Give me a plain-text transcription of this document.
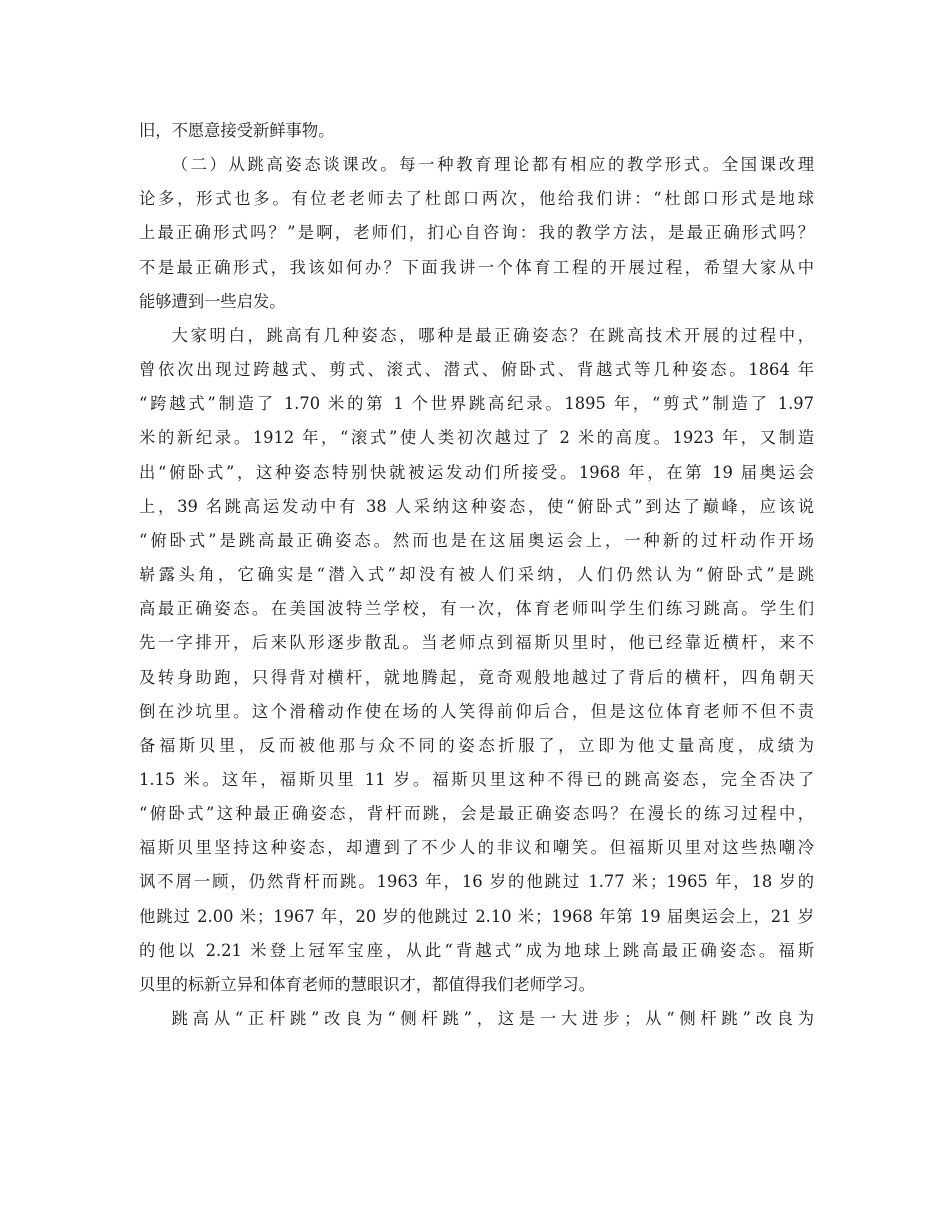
旧，不愿意接受新鲜事物。
（二）从跳高姿态谈课改。每一种教育理论都有相应的教学形式。全国课改理
论多，形式也多。有位老老师去了杜郎口两次，他给我们讲：“杜郎口形式是地球
上最正确形式吗？”是啊，老师们，扪心自咨询：我的教学方法，是最正确形式吗？
不是最正确形式，我该如何办？下面我讲一个体育工程的开展过程，希望大家从中
能够遭到一些启发。
大家明白，跳高有几种姿态，哪种是最正确姿态？在跳高技术开展的过程中，
曾依次出现过跨越式、剪式、滚式、潜式、俯卧式、背越式等几种姿态。1864 年
“跨越式”制造了 1.70 米的第 1 个世界跳高纪录。1895 年，“剪式”制造了 1.97
米的新纪录。1912 年，“滚式”使人类初次越过了 2 米的高度。1923 年，又制造
出“俯卧式”，这种姿态特别快就被运发动们所接受。1968 年，在第 19 届奥运会
上，39 名跳高运发动中有 38 人采纳这种姿态，使“俯卧式”到达了巅峰，应该说
“俯卧式”是跳高最正确姿态。然而也是在这届奥运会上，一种新的过杆动作开场
崭露头角，它确实是“潜入式”却没有被人们采纳，人们仍然认为“俯卧式”是跳
高最正确姿态。在美国波特兰学校，有一次，体育老师叫学生们练习跳高。学生们
先一字排开，后来队形逐步散乱。当老师点到福斯贝里时，他已经靠近横杆，来不
及转身助跑，只得背对横杆，就地腾起，竟奇观般地越过了背后的横杆，四角朝天
倒在沙坑里。这个滑稽动作使在场的人笑得前仰后合，但是这位体育老师不但不责
备福斯贝里，反而被他那与众不同的姿态折服了，立即为他丈量高度，成绩为
1.15 米。这年，福斯贝里 11 岁。福斯贝里这种不得已的跳高姿态，完全否决了
“俯卧式”这种最正确姿态，背杆而跳，会是最正确姿态吗？在漫长的练习过程中，
福斯贝里坚持这种姿态，却遭到了不少人的非议和嘲笑。但福斯贝里对这些热嘲冷
讽不屑一顾，仍然背杆而跳。1963 年，16 岁的他跳过 1.77 米；1965 年，18 岁的
他跳过 2.00 米；1967 年，20 岁的他跳过 2.10 米；1968 年第 19 届奥运会上，21 岁
的他以 2.21 米登上冠军宝座，从此“背越式”成为地球上跳高最正确姿态。福斯
贝里的标新立异和体育老师的慧眼识才，都值得我们老师学习。
跳高从“正杆跳”改良为“侧杆跳”，这是一大进步；从“侧杆跳”改良为
